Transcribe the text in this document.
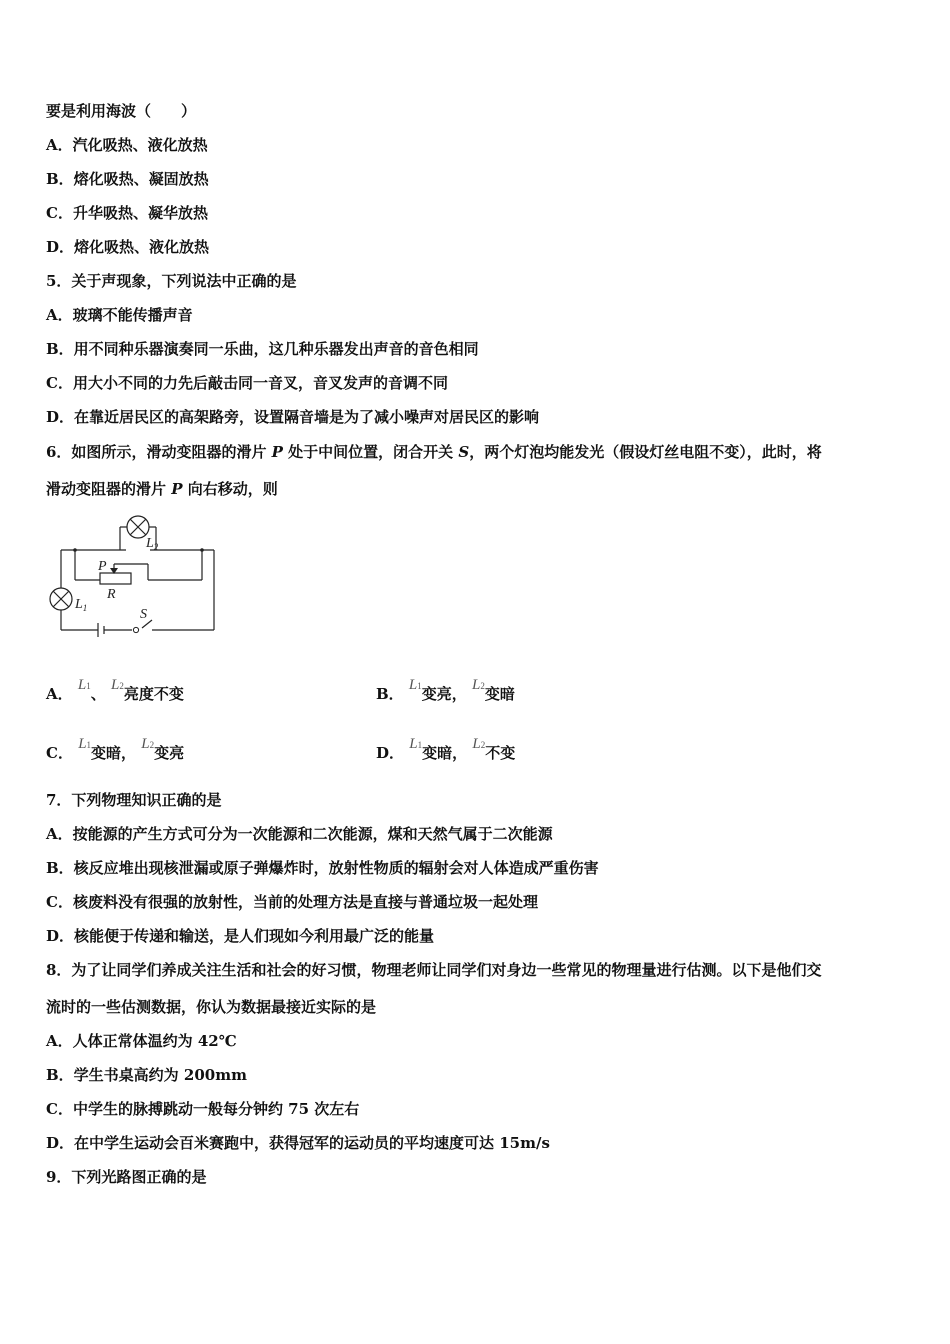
要是利用海波（　　）
A．汽化吸热、液化放热
B．熔化吸热、凝固放热
C．升华吸热、凝华放热
D．熔化吸热、液化放热
5．关于声现象，下列说法中正确的是
A．玻璃不能传播声音
B．用不同种乐器演奏同一乐曲，这几种乐器发出声音的音色相同
C．用大小不同的力先后敲击同一音叉，音叉发声的音调不同
D．在靠近居民区的高架路旁，设置隔音墙是为了减小噪声对居民区的影响
6．如图所示，滑动变阻器的滑片 P 处于中间位置，闭合开关 S，两个灯泡均能发光（假设灯丝电阻不变），此时，将
滑动变阻器的滑片 P 向右移动，则
$L_2$
P
R
$L_1$	S
A． L1、 L2亮度不变	B． L1变亮， L2变暗
C． L1变暗， L2变亮	D． L1变暗， L2不变
7．下列物理知识正确的是
A．按能源的产生方式可分为一次能源和二次能源，煤和天然气属于二次能源
B．核反应堆出现核泄漏或原子弹爆炸时，放射性物质的辐射会对人体造成严重伤害
C．核废料没有很强的放射性，当前的处理方法是直接与普通垃圾一起处理
D．核能便于传递和输送，是人们现如今利用最广泛的能量
8．为了让同学们养成关注生活和社会的好习惯，物理老师让同学们对身边一些常见的物理量进行估测。以下是他们交
流时的一些估测数据，你认为数据最接近实际的是
A．人体正常体温约为 42℃
B．学生书桌高约为 200mm
C．中学生的脉搏跳动一般每分钟约 75 次左右
D．在中学生运动会百米赛跑中，获得冠军的运动员的平均速度可达 15m/s
9．下列光路图正确的是
